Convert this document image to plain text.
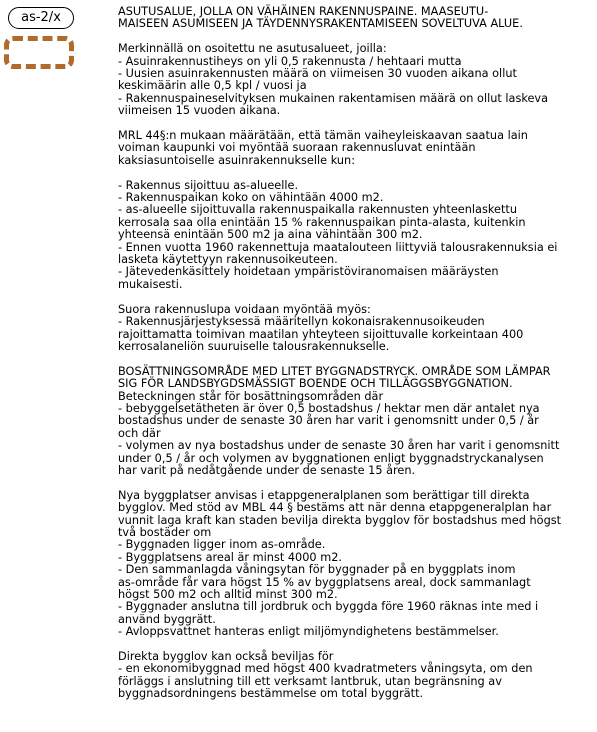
as-2/x	ASUTUSALUE, JOLLA ON VÄHÄINEN RAKENNUSPAINE. MAASEUTU-
MAISEEN ASUMISEEN JA TÄYDENNYSRAKENTAMISEEN SOVELTUVA ALUE.
Merkinnällä on osoitettu ne asutusalueet, joilla:
- Asuinrakennustiheys on yli 0,5 rakennusta / hehtaari mutta
- Uusien asuinrakennusten määrä on viimeisen 30 vuoden aikana ollut
keskimäärin alle 0,5 kpl / vuosi ja
- Rakennuspaineselvityksen mukainen rakentamisen määrä on ollut laskeva
viimeisen 15 vuoden aikana.
MRL 44§:n mukaan määrätään, että tämän vaiheyleiskaavan saatua lain
voiman kaupunki voi myöntää suoraan rakennusluvat enintään
kaksiasuntoiselle asuinrakennukselle kun:
- Rakennus sijoittuu as-alueelle.
- Rakennuspaikan koko on vähintään 4000 m2.
- as-alueelle sijoittuvalla rakennuspaikalla rakennusten yhteenlaskettu
kerrosala saa olla enintään 15 % rakennuspaikan pinta-alasta, kuitenkin
yhteensä enintään 500 m2 ja aina vähintään 300 m2.
- Ennen vuotta 1960 rakennettuja maatalouteen liittyviä talousrakennuksia ei
lasketa käytettyyn rakennusoikeuteen.
- Jätevedenkäsittely hoidetaan ympäristöviranomaisen määräysten
mukaisesti.
Suora rakennuslupa voidaan myöntää myös:
- Rakennusjärjestyksessä määritellyn kokonaisrakennusoikeuden
rajoittamatta toimivan maatilan yhteyteen sijoittuvalle korkeintaan 400
kerrosalaneliön suuruiselle talousrakennukselle.
BOSÄTTNINGSOMRÅDE MED LITET BYGGNADSTRYCK. OMRÅDE SOM LÄMPAR
SIG FÖR LANDSBYGDSMÄSSIGT BOENDE OCH TILLÄGGSBYGGNATION.
Beteckningen står för bosättningsområden där
- bebyggelsetätheten är över 0,5 bostadshus / hektar men där antalet nya
bostadshus under de senaste 30 åren har varit i genomsnitt under 0,5 / år
och där
- volymen av nya bostadshus under de senaste 30 åren har varit i genomsnitt
under 0,5 / år och volymen av byggnationen enligt byggnadstryckanalysen
har varit på nedåtgående under de senaste 15 åren.
Nya byggplatser anvisas i etappgeneralplanen som berättigar till direkta
bygglov. Med stöd av MBL 44 § bestäms att när denna etappgeneralplan har
vunnit laga kraft kan staden bevilja direkta bygglov för bostadshus med högst
två bostäder om
- Byggnaden ligger inom as-område.
- Byggplatsens areal är minst 4000 m2.
- Den sammanlagda våningsytan för byggnader på en byggplats inom
as-område får vara högst 15 % av byggplatsens areal, dock sammanlagt
högst 500 m2 och alltid minst 300 m2.
- Byggnader anslutna till jordbruk och byggda före 1960 räknas inte med i
använd byggrätt.
- Avloppsvattnet hanteras enligt miljömyndighetens bestämmelser.
Direkta bygglov kan också beviljas för
- en ekonomibyggnad med högst 400 kvadratmeters våningsyta, om den
förläggs i anslutning till ett verksamt lantbruk, utan begränsning av
byggnadsordningens bestämmelse om total byggrätt.
